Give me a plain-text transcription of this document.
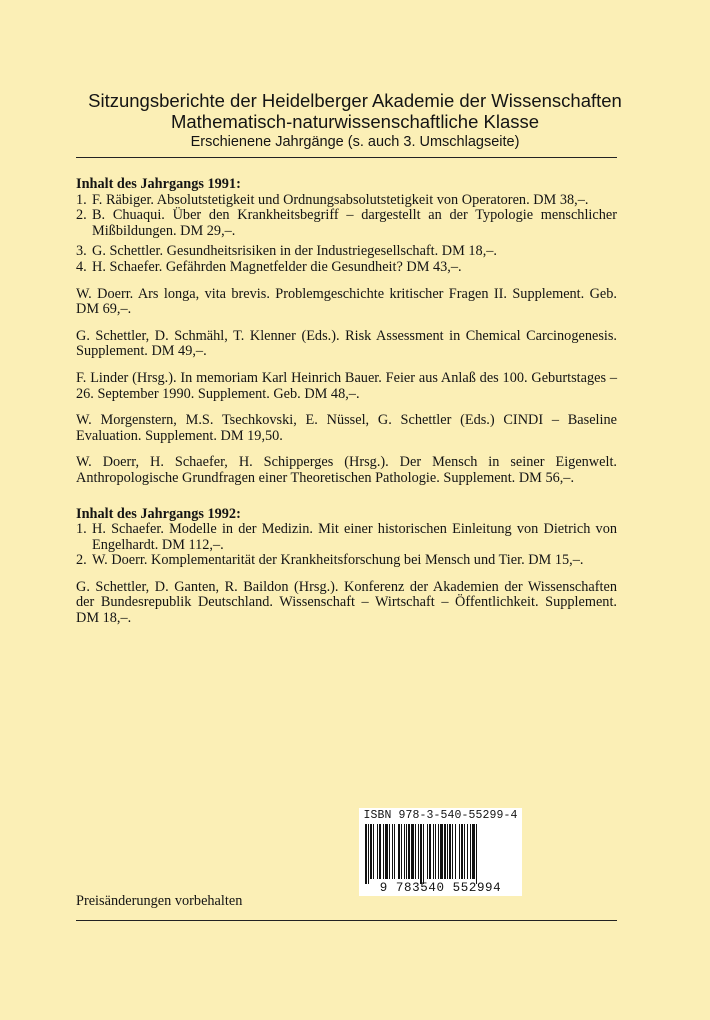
Sitzungsberichte der Heidelberger Akademie der Wissenschaften
Mathematisch-naturwissenschaftliche Klasse
Erschienene Jahrgänge (s. auch 3. Umschlagseite)
Inhalt des Jahrgangs 1991:
1. F. Räbiger. Absolutstetigkeit und Ordnungsabsolutstetigkeit von Operatoren. DM 38,–.
2. B. Chuaqui. Über den Krankheitsbegriff – dargestellt an der Typologie menschlicher Mißbildungen. DM 29,–.
3. G. Schettler. Gesundheitsrisiken in der Industriegesellschaft. DM 18,–.
4. H. Schaefer. Gefährden Magnetfelder die Gesundheit? DM 43,–.
W. Doerr. Ars longa, vita brevis. Problemgeschichte kritischer Fragen II. Supplement. Geb. DM 69,–.
G. Schettler, D. Schmähl, T. Klenner (Eds.). Risk Assessment in Chemical Carcinogenesis. Supplement. DM 49,–.
F. Linder (Hrsg.). In memoriam Karl Heinrich Bauer. Feier aus Anlaß des 100. Geburtstages – 26. September 1990. Supplement. Geb. DM 48,–.
W. Morgenstern, M.S. Tsechkovski, E. Nüssel, G. Schettler (Eds.) CINDI – Baseline Evaluation. Supplement. DM 19,50.
W. Doerr, H. Schaefer, H. Schipperges (Hrsg.). Der Mensch in seiner Eigenwelt. Anthropologische Grundfragen einer Theoretischen Pathologie. Supplement. DM 56,–.
Inhalt des Jahrgangs 1992:
1. H. Schaefer. Modelle in der Medizin. Mit einer historischen Einleitung von Dietrich von Engelhardt. DM 112,–.
2. W. Doerr. Komplementarität der Krankheitsforschung bei Mensch und Tier. DM 15,–.
G. Schettler, D. Ganten, R. Baildon (Hrsg.). Konferenz der Akademien der Wissenschaften der Bundesrepublik Deutschland. Wissenschaft – Wirtschaft – Öffentlichkeit. Supplement. DM 18,–.
ISBN 978-3-540-55299-4
9 783540 552994
Preisänderungen vorbehalten
